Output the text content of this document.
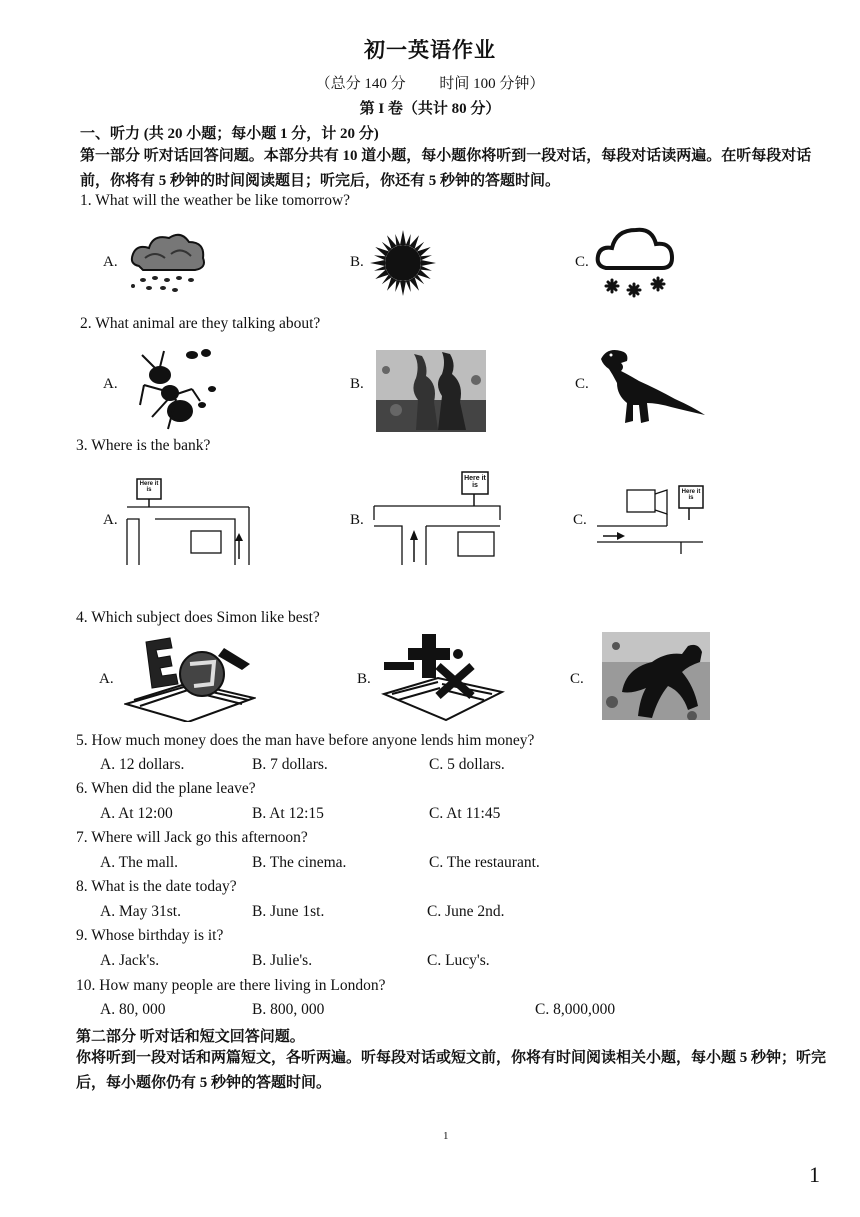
初一英语作业
（总分 140 分　　 时间 100 分钟）
第 I 卷（共计 80 分）
一、听力 (共 20 小题；每小题 1 分，计 20 分)
第一部分 听对话回答问题。本部分共有 10 道小题，每小题你将听到一段对话，每段对话读两遍。在听每段对话前，你将有 5 秒钟的时间阅读题目；听完后，你还有 5 秒钟的答题时间。
1. What will the weather be like tomorrow?
A.	B.	C.
2. What animal are they talking about?
A.	B.	C.
3. Where is the bank?
A.	B.	C.
Here it is
Here it is
Here it is
4. Which subject does Simon like best?
A.	B.	C.
5. How much money does the man have before anyone lends him money?
A. 12 dollars.	B. 7 dollars.	C. 5 dollars.
6. When did the plane leave?
A. At 12:00	B. At 12:15	C. At 11:45
7. Where will Jack go this afternoon?
A. The mall.	B. The cinema.	C. The restaurant.
8. What is the date today?
A. May 31st.	B. June 1st.	C. June 2nd.
9. Whose birthday is it?
A. Jack's.	B. Julie's.	C. Lucy's.
10. How many people are there living in London?
A. 80, 000	B. 800, 000	C. 8,000,000
第二部分 听对话和短文回答问题。
你将听到一段对话和两篇短文，各听两遍。听每段对话或短文前，你将有时间阅读相关小题，每小题 5 秒钟；听完后，每小题你仍有 5 秒钟的答题时间。
1
1
